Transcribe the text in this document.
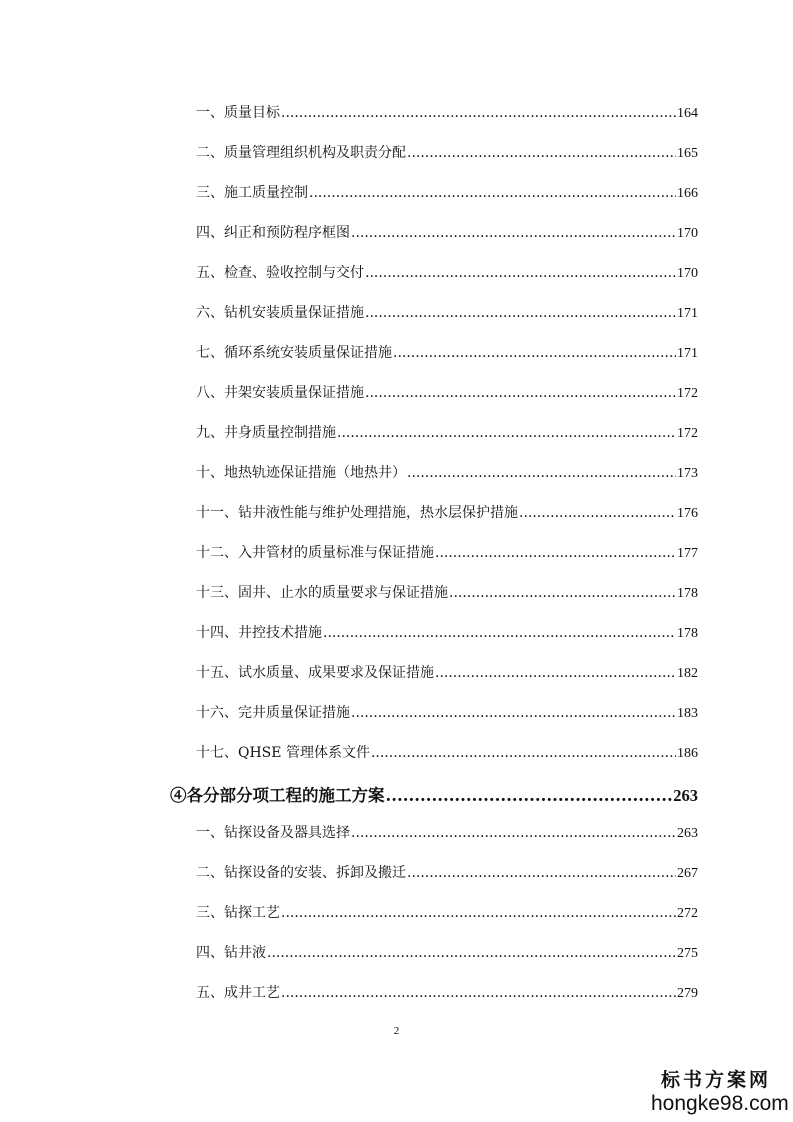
一、质量目标 .....	164
二、质量管理组织机构及职责分配 .....	165
三、施工质量控制 .....	166
四、纠正和预防程序框图 .....	170
五、检查、验收控制与交付 .....	170
六、钻机安装质量保证措施 .....	171
七、循环系统安装质量保证措施 .....	171
八、井架安装质量保证措施 .....	172
九、井身质量控制措施 .....	172
十、地热轨迹保证措施（地热井） .....	173
十一、钻井液性能与维护处理措施，热水层保护措施 .....	176
十二、入井管材的质量标准与保证措施 .....	177
十三、固井、止水的质量要求与保证措施 .....	178
十四、井控技术措施 .....	178
十五、试水质量、成果要求及保证措施 .....	182
十六、完井质量保证措施 .....	183
十七、QHSE 管理体系文件 .....	186
④各分部分项工程的施工方案 .....	263
一、钻探设备及器具选择 .....	263
二、钻探设备的安装、拆卸及搬迁 .....	267
三、钻探工艺 .....	272
四、钻井液 .....	275
五、成井工艺 .....	279
2
标书方案网
hongke98.com
